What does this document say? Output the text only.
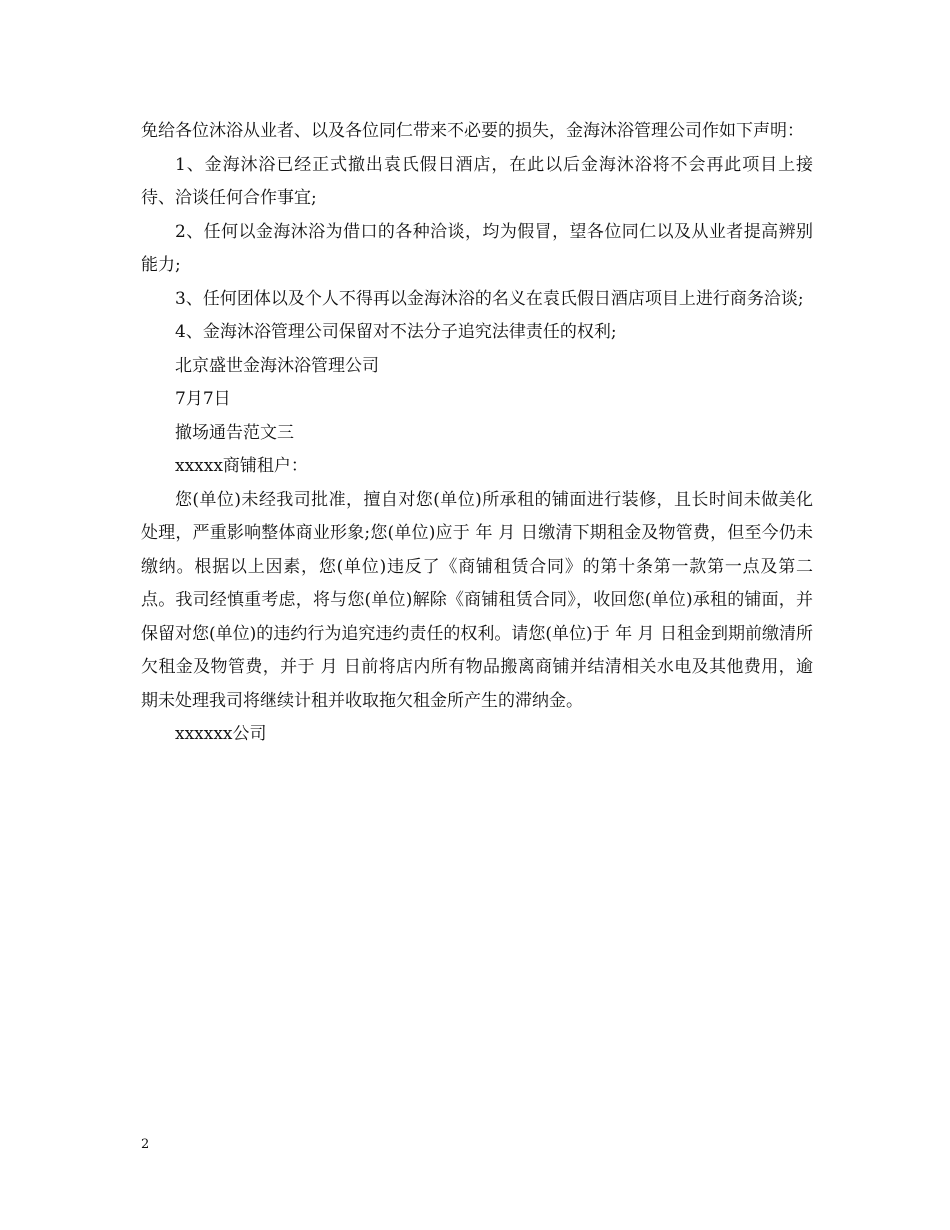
免给各位沐浴从业者、以及各位同仁带来不必要的损失，金海沐浴管理公司作如下声明：

1、金海沐浴已经正式撤出袁氏假日酒店，在此以后金海沐浴将不会再此项目上接待、洽谈任何合作事宜;

2、任何以金海沐浴为借口的各种洽谈，均为假冒，望各位同仁以及从业者提高辨别能力;

3、任何团体以及个人不得再以金海沐浴的名义在袁氏假日酒店项目上进行商务洽谈;

4、金海沐浴管理公司保留对不法分子追究法律责任的权利;

北京盛世金海沐浴管理公司

7月7日

撤场通告范文三

xxxxx商铺租户：

您(单位)未经我司批准，擅自对您(单位)所承租的铺面进行装修，且长时间未做美化处理，严重影响整体商业形象;您(单位)应于 年 月 日缴清下期租金及物管费，但至今仍未缴纳。根据以上因素，您(单位)违反了《商铺租赁合同》的第十条第一款第一点及第二点。我司经慎重考虑，将与您(单位)解除《商铺租赁合同》，收回您(单位)承租的铺面，并保留对您(单位)的违约行为追究违约责任的权利。请您(单位)于 年 月 日租金到期前缴清所欠租金及物管费，并于 月 日前将店内所有物品搬离商铺并结清相关水电及其他费用，逾期未处理我司将继续计租并收取拖欠租金所产生的滞纳金。

xxxxxx公司

2
